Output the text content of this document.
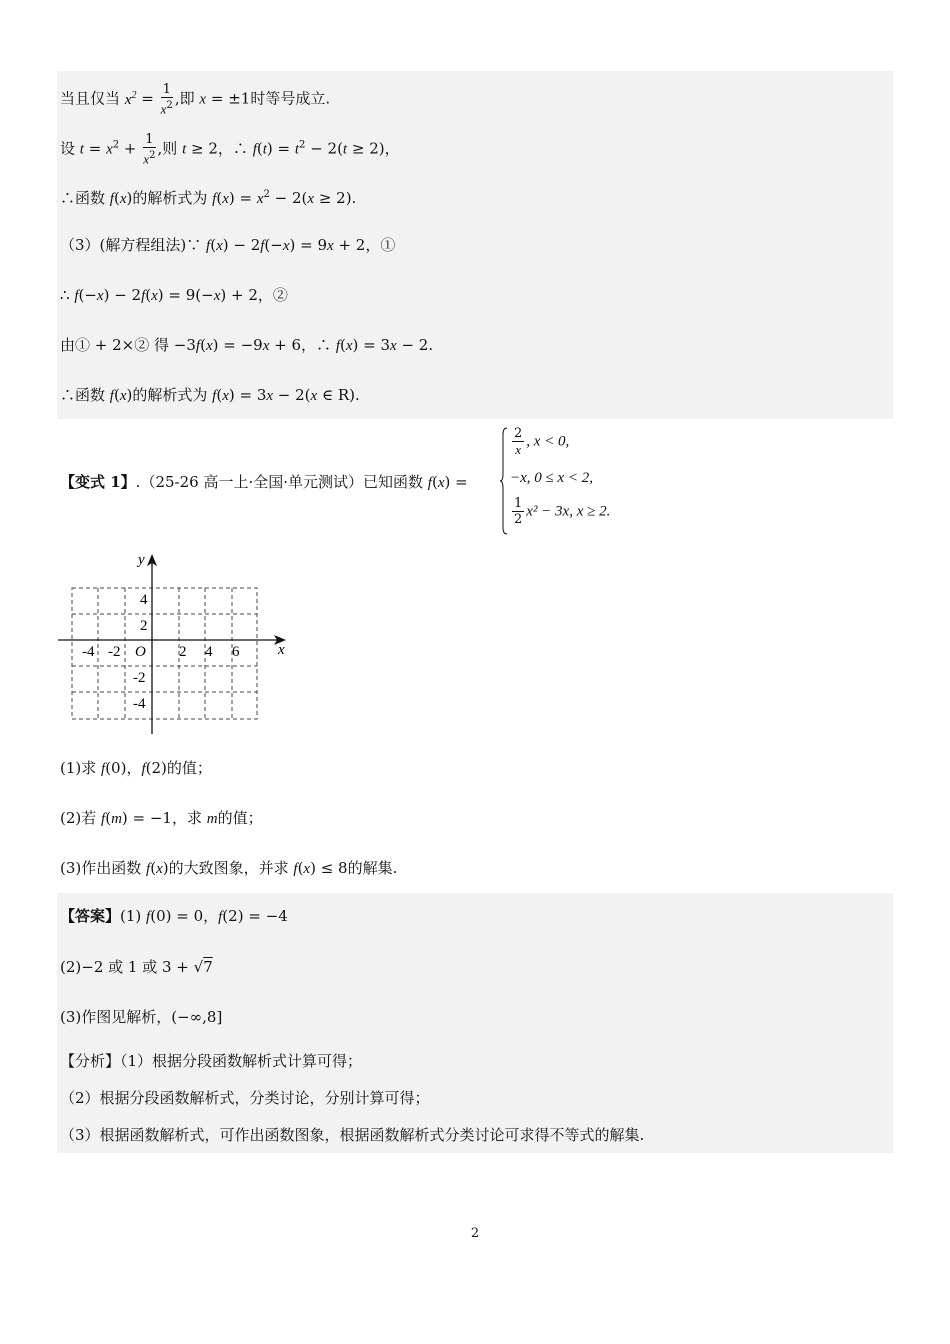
当且仅当 $x^2 = \frac{1}{x^2}$ ,即 x = ±1时等号成立.
设 $t = x^2 + \frac{1}{x^2}$ ,则 t ≥ 2，∴ $f(t) = t^2 - 2(t \ge 2)$，
∴函数 f(x)的解析式为 $f(x) = x^2 - 2(x \ge 2)$.
（3）(解方程组法)∵ f(x) − 2f(−x) = 9x + 2，①
∴ f(−x) − 2f(x) = 9(−x) + 2，②
由① + 2×② 得 −3f(x) = −9x + 6，∴ f(x) = 3x − 2.
∴函数 f(x)的解析式为 f(x) = 3x − 2(x ∈ R).
【变式 1】.（25-26 高一上·全国·单元测试）已知函数 f(x) =
$\frac{2}{x}$ , x < 0,
−x, 0 ≤ x < 2,
$\frac{1}{2} x^2 - 3x$, x ≥ 2.
y
x
O
-4 -2	2 4 6
4
2
-2
-4
(1)求 f(0)，f(2)的值；
(2)若 f(m) = −1，求 m的值；
(3)作出函数 f(x)的大致图象，并求 f(x) ≤ 8的解集.
【答案】(1) f(0) = 0，f(2) = −4
(2)−2 或 1 或 3 + √7
(3)作图见解析，(−∞,8]
【分析】（1）根据分段函数解析式计算可得；
（2）根据分段函数解析式，分类讨论，分别计算可得；
（3）根据函数解析式，可作出函数图象，根据函数解析式分类讨论可求得不等式的解集.
2
